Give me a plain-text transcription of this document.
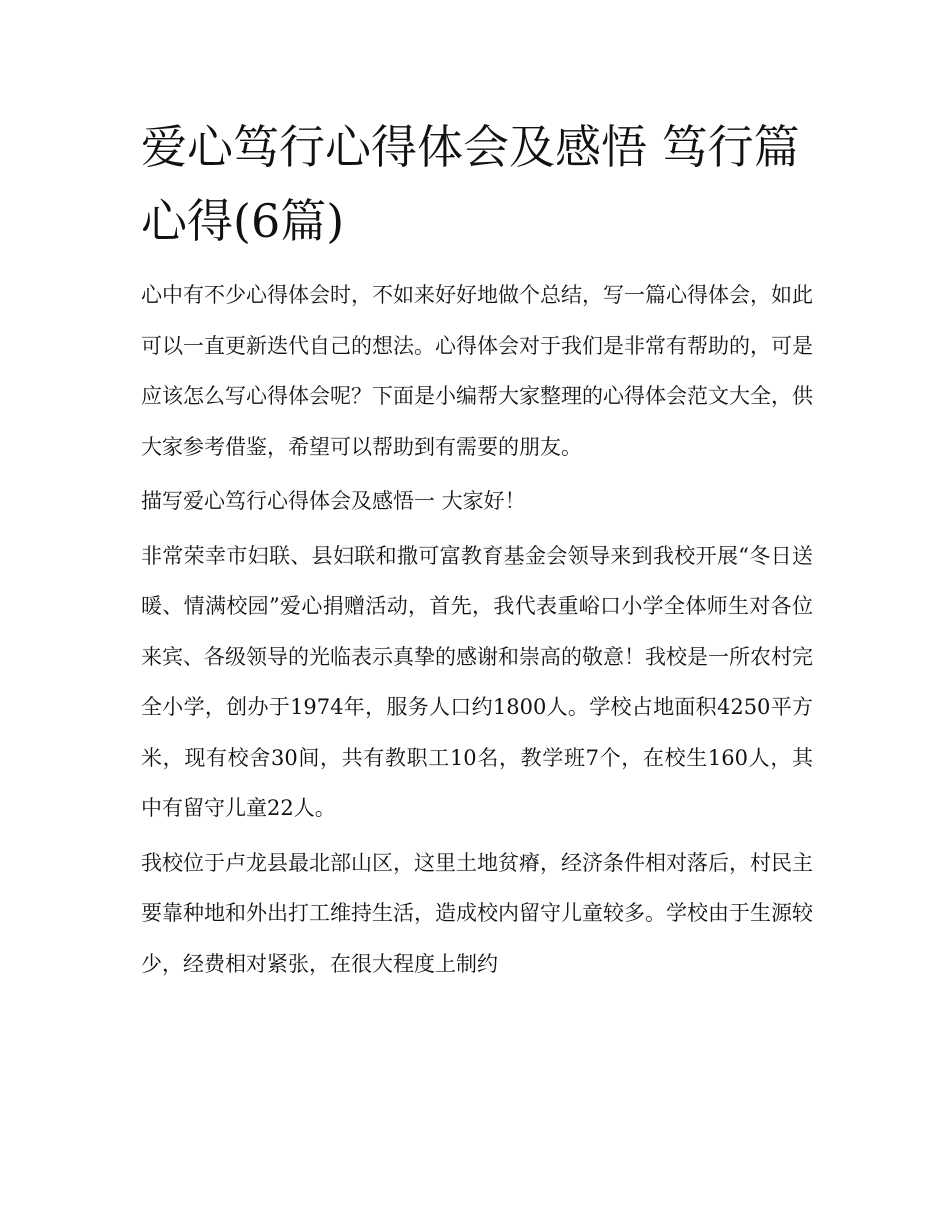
爱心笃行心得体会及感悟 笃行篇心得(6篇)

心中有不少心得体会时，不如来好好地做个总结，写一篇心得体会，如此可以一直更新迭代自己的想法。心得体会对于我们是非常有帮助的，可是应该怎么写心得体会呢？下面是小编帮大家整理的心得体会范文大全，供大家参考借鉴，希望可以帮助到有需要的朋友。

描写爱心笃行心得体会及感悟一 大家好！

非常荣幸市妇联、县妇联和撒可富教育基金会领导来到我校开展“冬日送暖、情满校园”爱心捐赠活动，首先，我代表重峪口小学全体师生对各位来宾、各级领导的光临表示真挚的感谢和崇高的敬意！我校是一所农村完全小学，创办于1974年，服务人口约1800人。学校占地面积4250平方米，现有校舍30间，共有教职工10名，教学班7个，在校生160人，其中有留守儿童22人。

我校位于卢龙县最北部山区，这里土地贫瘠，经济条件相对落后，村民主要靠种地和外出打工维持生活，造成校内留守儿童较多。学校由于生源较少，经费相对紧张，在很大程度上制约
